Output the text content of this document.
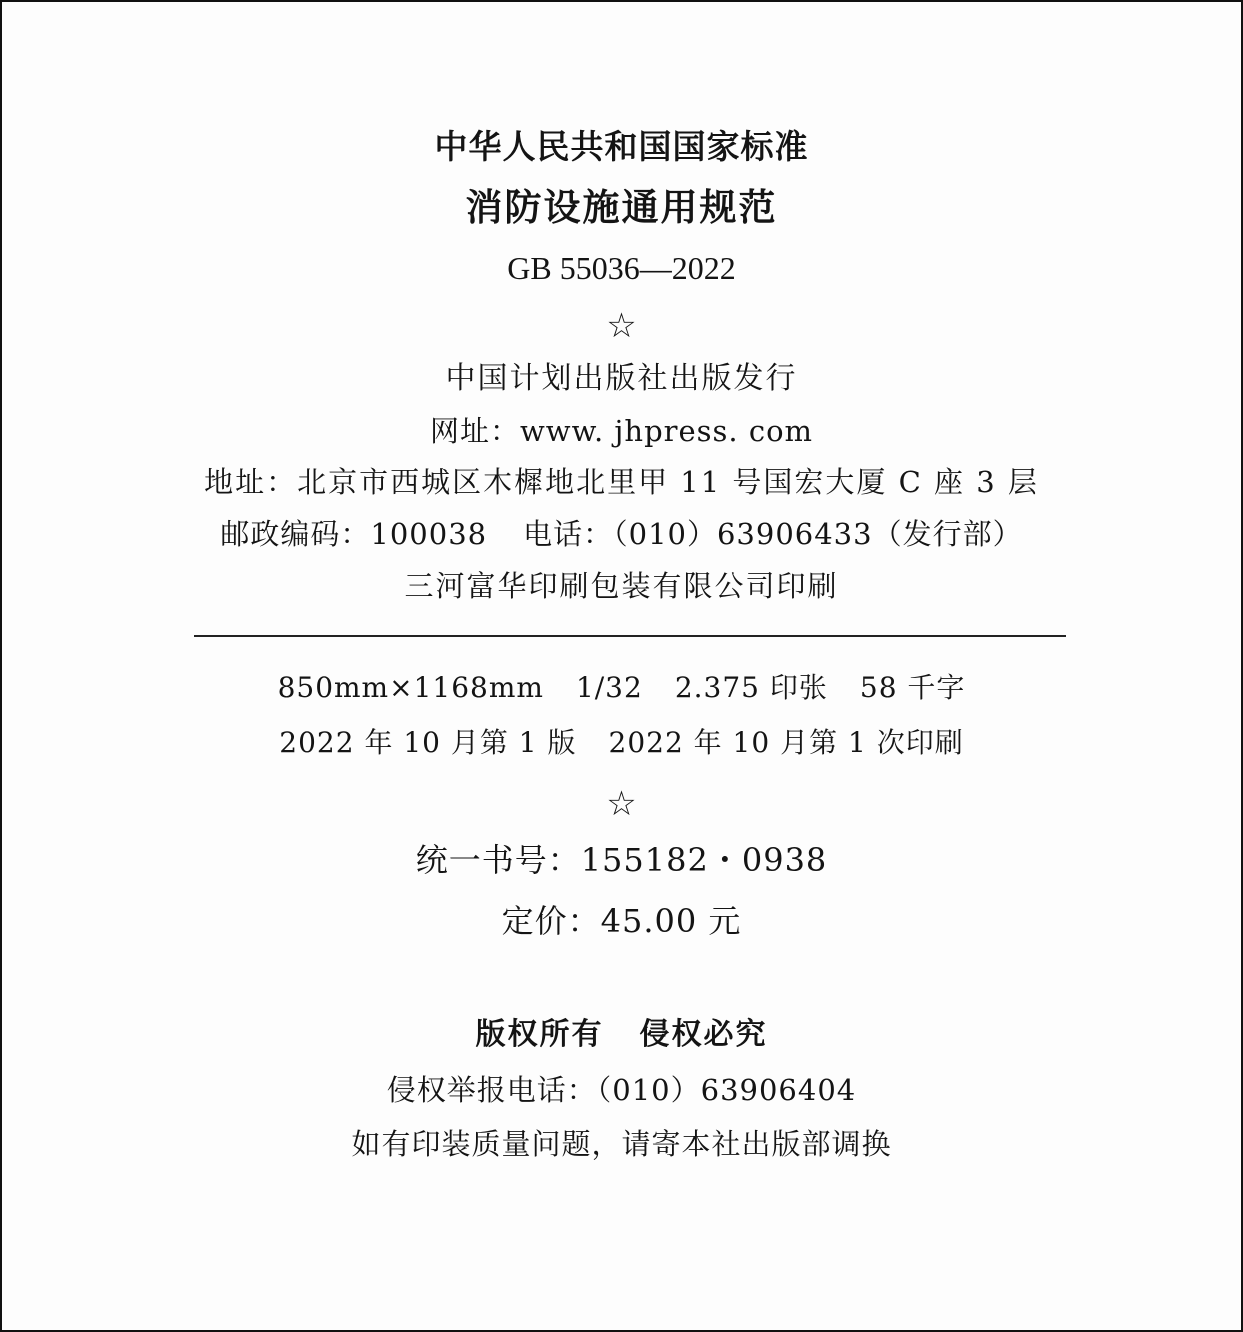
中华人民共和国国家标准
消防设施通用规范
GB 55036—2022
☆
中国计划出版社出版发行
网址：www. jhpress. com
地址：北京市西城区木樨地北里甲 11 号国宏大厦 C 座 3 层
邮政编码：100038 电话：（010）63906433（发行部）
三河富华印刷包装有限公司印刷
850mm×1168mm 1/32 2.375 印张 58 千字
2022 年 10 月第 1 版 2022 年 10 月第 1 次印刷
☆
统一书号：155182・0938
定价：45.00 元
版权所有 侵权必究
侵权举报电话：（010）63906404
如有印装质量问题，请寄本社出版部调换
